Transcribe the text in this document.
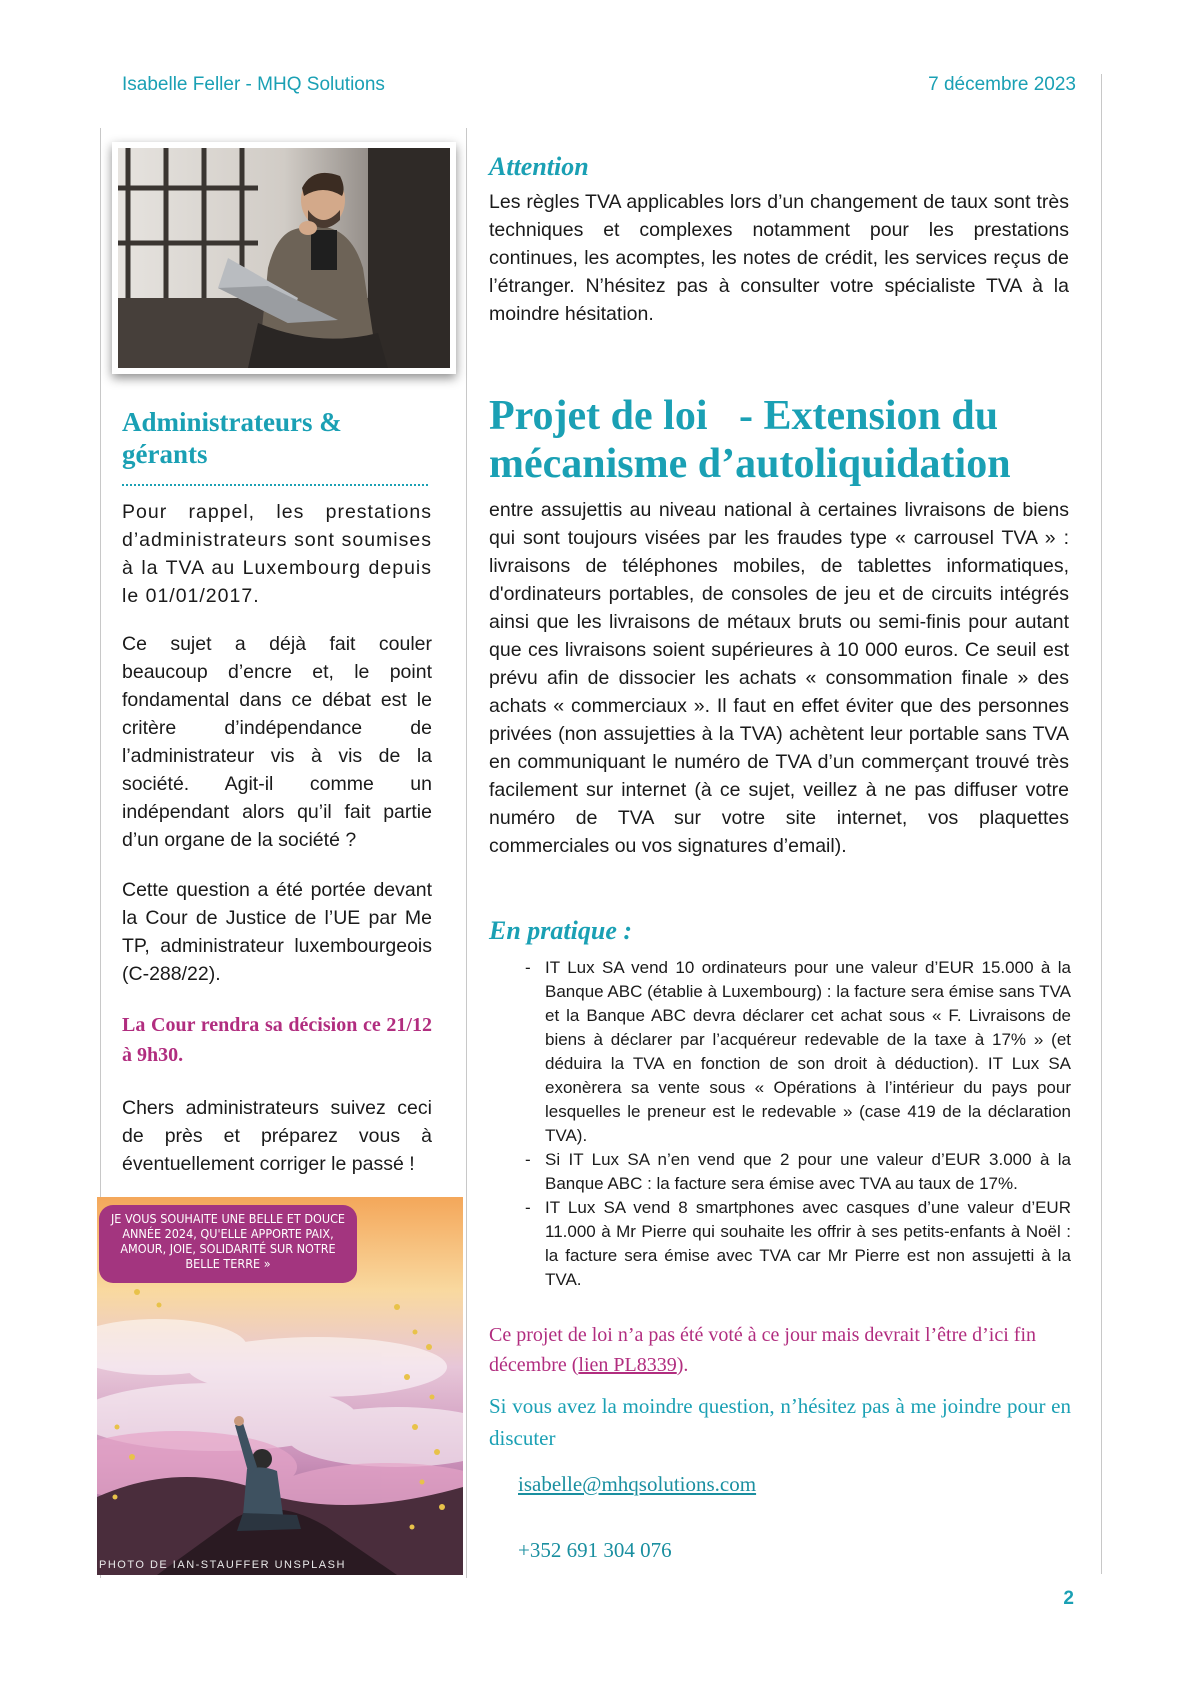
Isabelle Feller - MHQ Solutions	7 décembre 2023
Administrateurs & gérants

Pour rappel, les prestations d’administrateurs sont soumises à la TVA au Luxembourg depuis le 01/01/2017.

Ce sujet a déjà fait couler beaucoup d’encre et, le point fondamental dans ce débat est le critère d’indépendance de l’administrateur vis à vis de la société. Agit-il comme un indépendant alors qu’il fait partie d’un organe de la société ?

Cette question a été portée devant la Cour de Justice de l’UE par Me TP, administrateur luxembourgeois (C-288/22).

La Cour rendra sa décision ce 21/12 à 9h30.

Chers administrateurs suivez ceci de près et préparez vous à éventuellement corriger le passé !

JE VOUS SOUHAITE UNE BELLE ET DOUCE ANNÉE 2024, QU'ELLE APPORTE PAIX, AMOUR, JOIE, SOLIDARITÉ SUR NOTRE BELLE TERRE »
PHOTO DE IAN-STAUFFER UNSPLASH
Attention

Les règles TVA applicables lors d’un changement de taux sont très techniques et complexes notamment pour les prestations continues, les acomptes, les notes de crédit, les services reçus de l’étranger. N’hésitez pas à consulter votre spécialiste TVA à la moindre hésitation.

Projet de loi   - Extension du
mécanisme d’autoliquidation

entre assujettis au niveau national à certaines livraisons de biens qui sont toujours visées par les fraudes type « carrousel TVA » : livraisons de téléphones mobiles, de tablettes informatiques, d'ordinateurs portables, de consoles de jeu et de circuits intégrés ainsi que les livraisons de métaux bruts ou semi-finis pour autant que ces livraisons soient supérieures à 10 000 euros. Ce seuil est prévu afin de dissocier les achats « consommation finale » des achats « commerciaux ». Il faut en effet éviter que des personnes privées (non assujetties à la TVA) achètent leur portable sans TVA en communiquant le numéro de TVA d’un commerçant trouvé très facilement sur internet (à ce sujet, veillez à ne pas diffuser votre numéro de TVA sur votre site internet, vos plaquettes commerciales ou vos signatures d’email).

En pratique :
- IT Lux SA vend 10 ordinateurs pour une valeur d’EUR 15.000 à la Banque ABC (établie à Luxembourg) : la facture sera émise sans TVA et la Banque ABC devra déclarer cet achat sous « F. Livraisons de biens à déclarer par l’acquéreur redevable de la taxe à 17% » (et déduira la TVA en fonction de son droit à déduction). IT Lux SA exonèrera sa vente sous « Opérations à l’intérieur du pays pour lesquelles le preneur est le redevable » (case 419 de la déclaration TVA).
- Si IT Lux SA n’en vend que 2 pour une valeur d’EUR 3.000 à la Banque ABC : la facture sera émise avec TVA au taux de 17%.
- IT Lux SA vend 8 smartphones avec casques d’une valeur d’EUR 11.000 à Mr Pierre qui souhaite les offrir à ses petits-enfants à Noël : la facture sera émise avec TVA car Mr Pierre est non assujetti à la TVA.
Ce projet de loi n’a pas été voté à ce jour mais devrait l’être d’ici fin décembre (lien PL8339).
Si vous avez la moindre question, n’hésitez pas à me joindre pour en discuter
isabelle@mhqsolutions.com
+352 691 304 076
2
